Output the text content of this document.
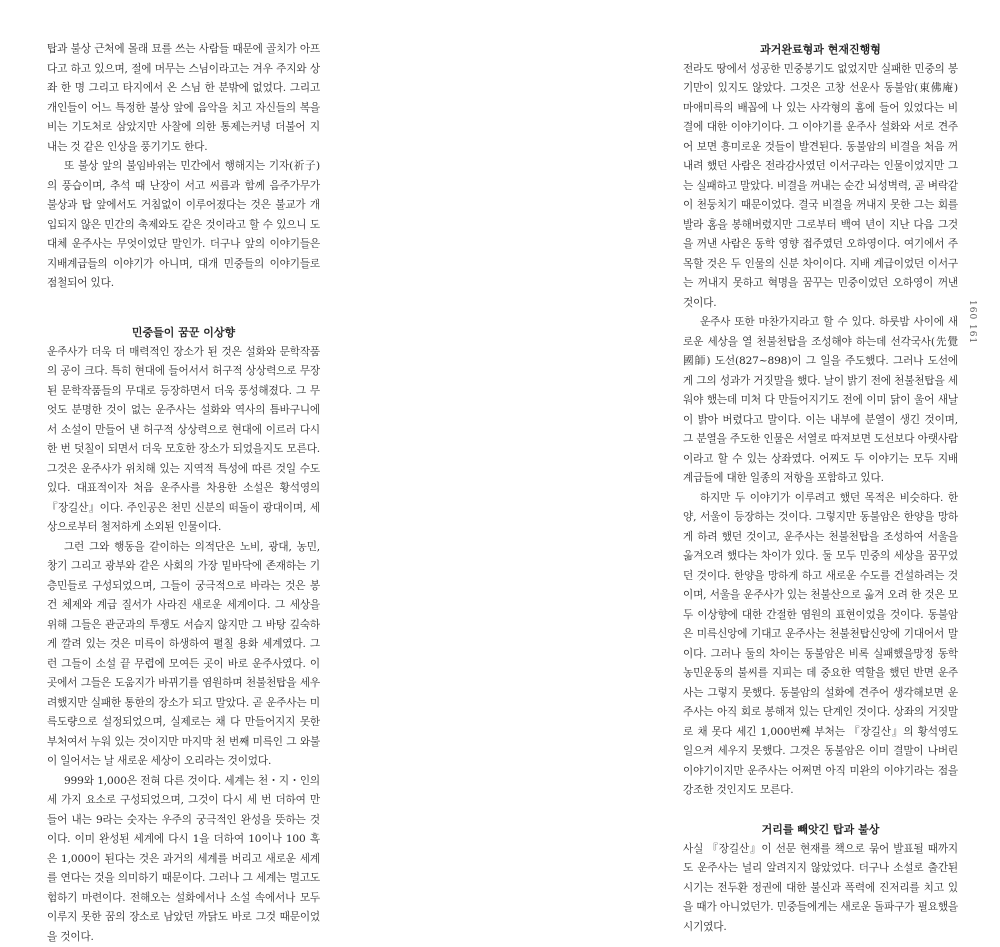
탑과 불상 근처에 몰래 묘를 쓰는 사람들 때문에 골치가 아프다고 하고 있으며, 절에 머무는 스님이라고는 겨우 주지와 상좌 한 명 그리고 타지에서 온 스님 한 분밖에 없었다. 그리고 개인들이 어느 특정한 불상 앞에 음악을 치고 자신들의 복을 비는 기도처로 삼았지만 사찰에 의한 통제는커녕 더불어 지내는 것 같은 인상을 풍기기도 한다.

또 불상 앞의 불임바위는 민간에서 행해지는 기자(祈子)의 풍습이며, 추석 때 난장이 서고 씨름과 함께 음주가무가 불상과 탑 앞에서도 거침없이 이루어졌다는 것은 불교가 개입되지 않은 민간의 축제와도 같은 것이라고 할 수 있으니 도대체 운주사는 무엇이었단 말인가. 더구나 앞의 이야기들은 지배계급들의 이야기가 아니며, 대개 민중들의 이야기들로 점철되어 있다.

민중들이 꿈꾼 이상향

운주사가 더욱 더 매력적인 장소가 된 것은 설화와 문학작품의 공이 크다. 특히 현대에 들어서서 허구적 상상력으로 무장된 문학작품들의 무대로 등장하면서 더욱 풍성해졌다. 그 무엇도 분명한 것이 없는 운주사는 설화와 역사의 틈바구니에서 소설이 만들어 낸 허구적 상상력으로 현대에 이르러 다시 한 번 덧칠이 되면서 더욱 모호한 장소가 되었을지도 모른다. 그것은 운주사가 위치해 있는 지역적 특성에 따른 것일 수도 있다. 대표적이자 처음 운주사를 차용한 소설은 황석영의 『장길산』이다. 주인공은 천민 신분의 떠돌이 광대이며, 세상으로부터 철저하게 소외된 인물이다.

그런 그와 행동을 같이하는 의적단은 노비, 광대, 농민, 창기 그리고 광부와 같은 사회의 가장 밑바닥에 존재하는 기층민들로 구성되었으며, 그들이 궁극적으로 바라는 것은 봉건 체제와 계급 질서가 사라진 새로운 세계이다. 그 세상을 위해 그들은 관군과의 투쟁도 서슴지 않지만 그 바탕 깊숙하게 깔려 있는 것은 미륵이 하생하여 펼칠 용화 세계였다. 그런 그들이 소설 끝 무렵에 모여든 곳이 바로 운주사였다. 이곳에서 그들은 도움지가 바뀌기를 염원하며 천불천탑을 세우려했지만 실패한 통한의 장소가 되고 말았다. 곧 운주사는 미륵도량으로 설정되었으며, 실제로는 채 다 만들어지지 못한 부처여서 누워 있는 것이지만 마지막 천 번째 미륵인 그 와불이 일어서는 날 새로운 세상이 오리라는 것이었다.

999와 1,000은 전혀 다른 것이다. 세계는 천・지・인의 세 가지 요소로 구성되었으며, 그것이 다시 세 번 더하여 만들어 내는 9라는 숫자는 우주의 궁극적인 완성을 뜻하는 것이다. 이미 완성된 세계에 다시 1을 더하여 10이나 100 혹은 1,000이 된다는 것은 과거의 세계를 버리고 새로운 세계를 연다는 것을 의미하기 때문이다. 그러나 그 세계는 멀고도 험하기 마련이다. 전해오는 설화에서나 소설 속에서나 모두 이루지 못한 꿈의 장소로 남았던 까닭도 바로 그것 때문이었을 것이다.

과거완료형과 현재진행형

전라도 땅에서 성공한 민중봉기도 없었지만 실패한 민중의 봉기만이 있지도 않았다. 그것은 고창 선운사 동불암(東佛庵) 마애미륵의 배꼽에 나 있는 사각형의 홈에 들어 있었다는 비결에 대한 이야기이다. 그 이야기를 운주사 설화와 서로 견주어 보면 흥미로운 것들이 발견된다. 동불암의 비결을 처음 꺼내려 했던 사람은 전라감사였던 이서구라는 인물이었지만 그는 실패하고 말았다. 비결을 꺼내는 순간 뇌성벽력, 곧 벼락같이 천둥치기 때문이었다. 결국 비결을 꺼내지 못한 그는 회를 발라 홈을 봉해버렸지만 그로부터 백여 년이 지난 다음 그것을 꺼낸 사람은 동학 영향 접주였던 오하영이다. 여기에서 주목할 것은 두 인물의 신분 차이이다. 지배 계급이었던 이서구는 꺼내지 못하고 혁명을 꿈꾸는 민중이었던 오하영이 꺼낸 것이다.

운주사 또한 마찬가지라고 할 수 있다. 하룻밤 사이에 새로운 세상을 열 천불천탑을 조성해야 하는데 선각국사(先覺國師) 도선(827~898)이 그 일을 주도했다. 그러나 도선에게 그의 성과가 거짓말을 했다. 날이 밝기 전에 천불천탑을 세워야 했는데 미처 다 만들어지기도 전에 이미 닭이 울어 새날이 밝아 버렸다고 말이다. 이는 내부에 분열이 생긴 것이며, 그 분열을 주도한 인물은 서열로 따져보면 도선보다 아랫사람이라고 할 수 있는 상좌였다. 어찌도 두 이야기는 모두 지배 계급들에 대한 일종의 저항을 포함하고 있다.

하지만 두 이야기가 이루려고 했던 목적은 비슷하다. 한양, 서울이 등장하는 것이다. 그렇지만 동불암은 한양을 망하게 하려 했던 것이고, 운주사는 천불천탑을 조성하여 서울을 옮겨오려 했다는 차이가 있다. 둘 모두 민중의 세상을 꿈꾸었던 것이다. 한양을 망하게 하고 새로운 수도를 건설하려는 것이며, 서울을 운주사가 있는 천불산으로 옮겨 오려 한 것은 모두 이상향에 대한 간절한 염원의 표현이었을 것이다. 동불암은 미륵신앙에 기대고 운주사는 천불천탑신앙에 기대어서 말이다. 그러나 둘의 차이는 동불암은 비록 실패했을망정 동학농민운동의 불씨를 지피는 데 중요한 역할을 했던 반면 운주사는 그렇지 못했다. 동불암의 설화에 견주어 생각해보면 운주사는 아직 회로 봉해져 있는 단계인 것이다. 상좌의 거짓말로 채 못다 세긴 1,000번째 부처는 『장길산』의 황석영도 일으켜 세우지 못했다. 그것은 동불암은 이미 결말이 나버린 이야기이지만 운주사는 어쩌면 아직 미완의 이야기라는 점을 강조한 것인지도 모른다.

거리를 빼앗긴 탑과 불상

사실 『장길산』이 선문 현재를 책으로 묶어 발표될 때까지도 운주사는 널리 알려지지 않았었다. 더구나 소설로 출간된 시기는 전두환 정권에 대한 불신과 폭력에 진저리를 치고 있을 때가 아니었던가. 민중들에게는 새로운 돌파구가 필요했을 시기였다.

160 161
